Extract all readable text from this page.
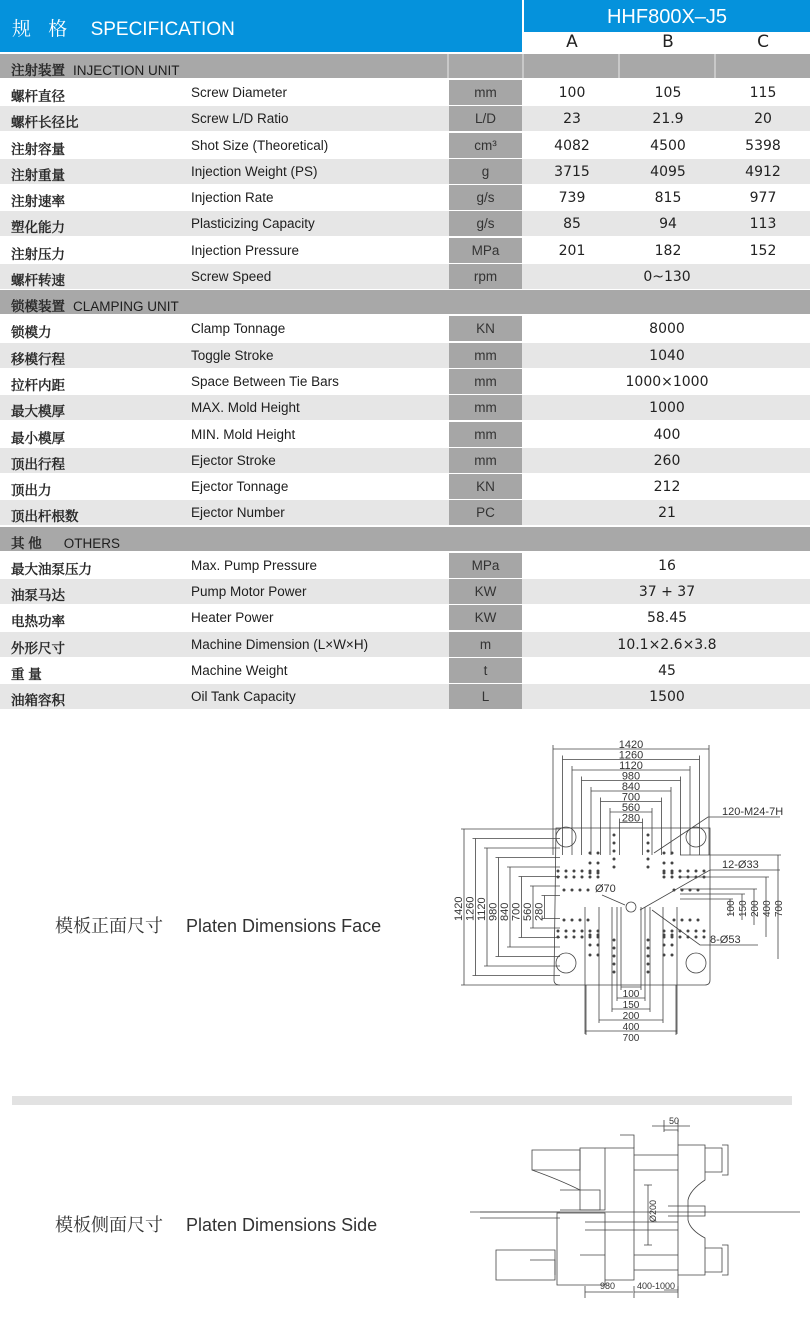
规 格 SPECIFICATION
HHF800X–J5
A	B	C
注射装置 INJECTION UNIT
螺杆直径	Screw Diameter	mm	100	105	115
螺杆长径比	Screw L/D Ratio	L/D	23	21.9	20
注射容量	Shot Size (Theoretical)	cm³	4082	4500	5398
注射重量	Injection Weight (PS)	g	3715	4095	4912
注射速率	Injection Rate	g/s	739	815	977
塑化能力	Plasticizing Capacity	g/s	85	94	113
注射压力	Injection Pressure	MPa	201	182	152
螺杆转速	Screw Speed	rpm	0~130
锁模装置 CLAMPING UNIT
锁模力	Clamp Tonnage	KN	8000
移模行程	Toggle Stroke	mm	1040
拉杆内距	Space Between Tie Bars	mm	1000×1000
最大模厚	MAX. Mold Height	mm	1000
最小模厚	MIN. Mold Height	mm	400
顶出行程	Ejector Stroke	mm	260
顶出力	Ejector Tonnage	KN	212
顶出杆根数	Ejector Number	PC	21
其 他 OTHERS
最大油泵压力	Max. Pump Pressure	MPa	16
油泵马达	Pump Motor Power	KW	37 + 37
电热功率	Heater Power	KW	58.45
外形尺寸	Machine Dimension (L×W×H)	m	10.1×2.6×3.8
重 量	Machine Weight	t	45
油箱容积	Oil Tank Capacity	L	1500
模板正面尺寸 Platen Dimensions Face
1420
1260
1120
980
840
700
560
280
1420 1260 1120 980 840 700 560 280	100 150 200 400 700
100
150
200
400
700
120-M24-7H
12-Ø33
Ø70
8-Ø53
模板侧面尺寸 Platen Dimensions Side
50
Ø200
980 400-1000
